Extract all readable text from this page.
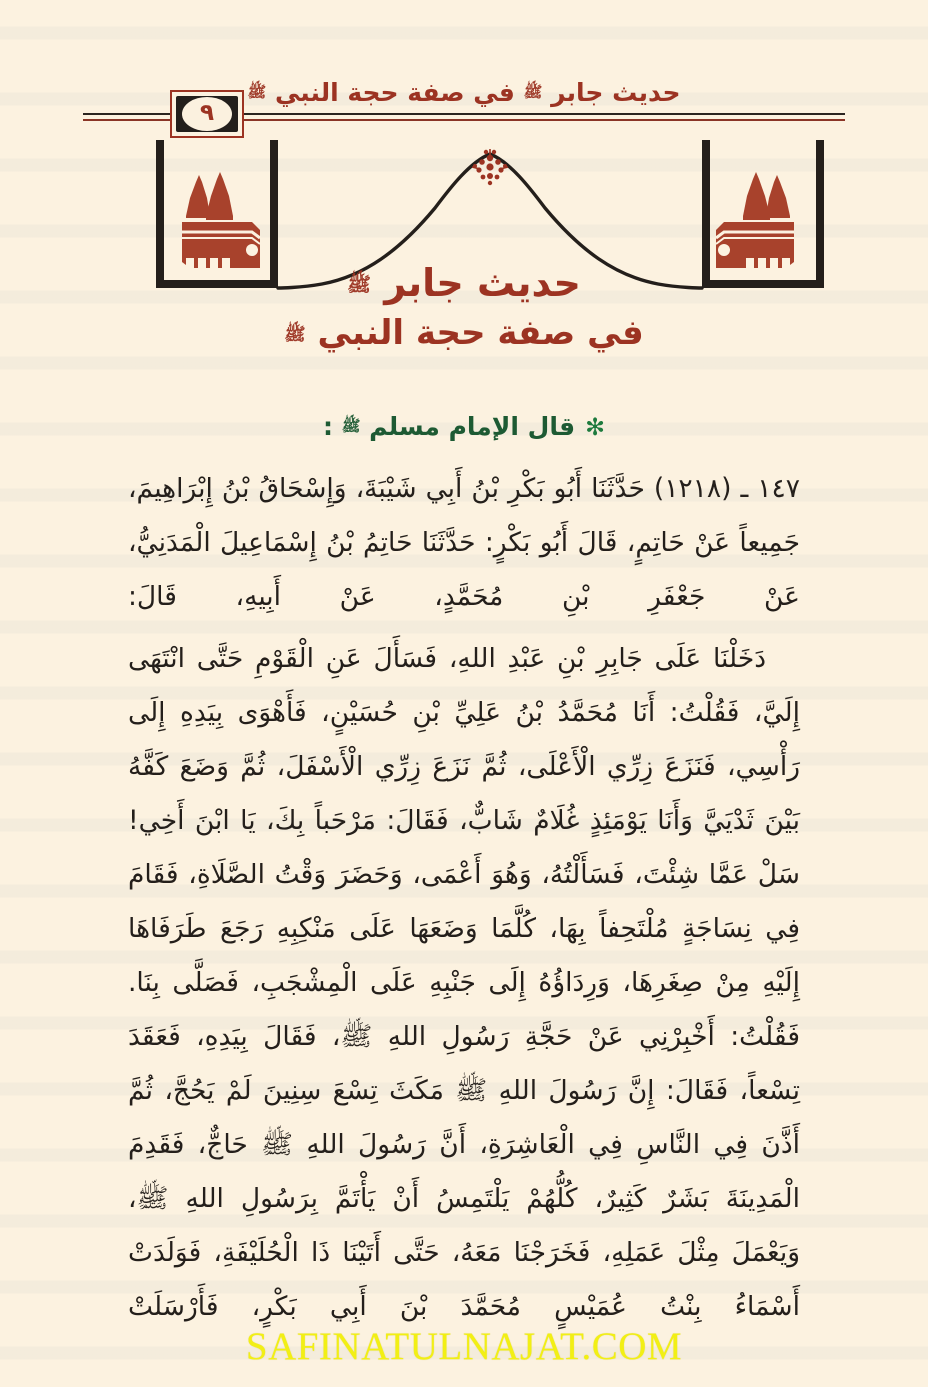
حديث جابر ﷺ في صفة حجة النبي ﷺ
٩
حديث جابر ﷺ
في صفة حجة النبي ﷺ
✻قال الإمام مسلم ﷺ :

١٤٧ ـ (١٢١٨) حَدَّثَنَا أَبُو بَكْرِ بْنُ أَبِي شَيْبَةَ، وَإِسْحَاقُ بْنُ إِبْرَاهِيمَ، جَمِيعاً عَنْ حَاتِمٍ، قَالَ أَبُو بَكْرٍ: حَدَّثَنَا حَاتِمُ بْنُ إِسْمَاعِيلَ الْمَدَنِيُّ، عَنْ جَعْفَرِ بْنِ مُحَمَّدٍ، عَنْ أَبِيهِ، قَالَ:

دَخَلْنَا عَلَى جَابِرِ بْنِ عَبْدِ اللهِ، فَسَأَلَ عَنِ الْقَوْمِ حَتَّى انْتَهَى إِلَيَّ، فَقُلْتُ: أَنَا مُحَمَّدُ بْنُ عَلِيِّ بْنِ حُسَيْنٍ، فَأَهْوَى بِيَدِهِ إِلَى رَأْسِي، فَنَزَعَ زِرِّي الْأَعْلَى، ثُمَّ نَزَعَ زِرِّي الْأَسْفَلَ، ثُمَّ وَضَعَ كَفَّهُ بَيْنَ ثَدْيَيَّ وَأَنَا يَوْمَئِذٍ غُلَامٌ شَابٌّ، فَقَالَ: مَرْحَباً بِكَ، يَا ابْنَ أَخِي! سَلْ عَمَّا شِئْتَ، فَسَأَلْتُهُ، وَهُوَ أَعْمَى، وَحَضَرَ وَقْتُ الصَّلَاةِ، فَقَامَ فِي نِسَاجَةٍ مُلْتَحِفاً بِهَا، كُلَّمَا وَضَعَهَا عَلَى مَنْكِبِهِ رَجَعَ طَرَفَاهَا إِلَيْهِ مِنْ صِغَرِهَا، وَرِدَاؤُهُ إِلَى جَنْبِهِ عَلَى الْمِشْجَبِ، فَصَلَّى بِنَا. فَقُلْتُ: أَخْبِرْنِي عَنْ حَجَّةِ رَسُولِ اللهِ ﷺ، فَقَالَ بِيَدِهِ، فَعَقَدَ تِسْعاً، فَقَالَ: إِنَّ رَسُولَ اللهِ ﷺ مَكَثَ تِسْعَ سِنِينَ لَمْ يَحُجَّ، ثُمَّ أَذَّنَ فِي النَّاسِ فِي الْعَاشِرَةِ، أَنَّ رَسُولَ اللهِ ﷺ حَاجٌّ، فَقَدِمَ الْمَدِينَةَ بَشَرٌ كَثِيرٌ، كُلُّهُمْ يَلْتَمِسُ أَنْ يَأْتَمَّ بِرَسُولِ اللهِ ﷺ، وَيَعْمَلَ مِثْلَ عَمَلِهِ، فَخَرَجْنَا مَعَهُ، حَتَّى أَتَيْنَا ذَا الْحُلَيْفَةِ، فَوَلَدَتْ أَسْمَاءُ بِنْتُ عُمَيْسٍ مُحَمَّدَ بْنَ أَبِي بَكْرٍ، فَأَرْسَلَتْ

SAFINATULNAJAT.COM
